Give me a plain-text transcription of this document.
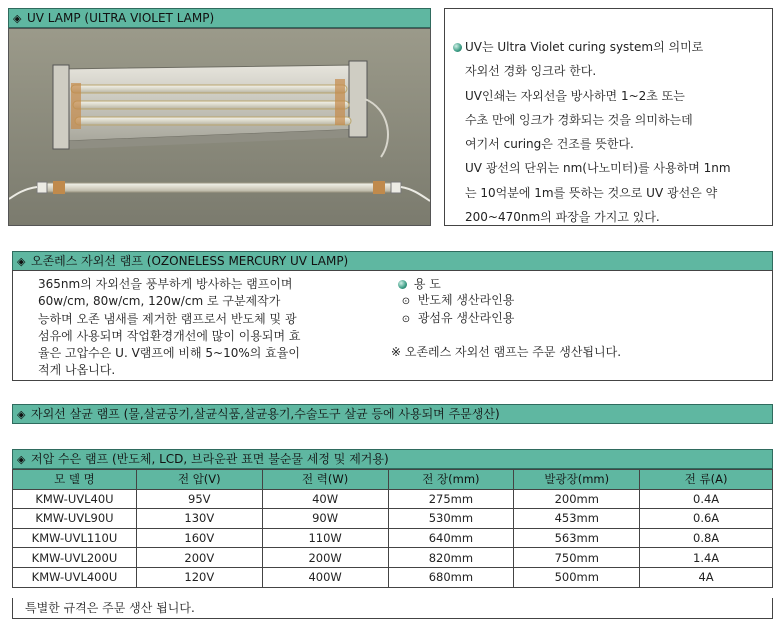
◈ UV LAMP (ULTRA VIOLET LAMP)
UV는 Ultra Violet curing system의 의미로
자외선 경화 잉크라 한다.
UV인쇄는 자외선을 방사하면 1~2초 또는
수초 만에 잉크가 경화되는 것을 의미하는데
여기서 curing은 건조를 뜻한다.
UV 광선의 단위는 nm(나노미터)를 사용하며 1nm
는 10억분에 1m를 뜻하는 것으로 UV 광선은 약
200~470nm의 파장을 가지고 있다.
◈ 오존레스 자외선 램프 (OZONELESS MERCURY UV LAMP)
365nm의 자외선을 풍부하게 방사하는 램프이며
60w/cm, 80w/cm, 120w/cm 로 구분제작가
능하며 오존 냄새를 제거한 램프로서 반도체 및 광
섬유에 사용되며 작업환경개선에 많이 이용되며 효
율은 고압수은 U. V램프에 비해 5~10%의 효율이
적게 나옵니다.
용 도
⊙ 반도체 생산라인용
⊙ 광섬유 생산라인용
※ 오존레스 자외선 램프는 주문 생산됩니다.
◈ 자외선 살균 램프 (물,살균공기,살균식품,살균용기,수술도구 살균 등에 사용되며 주문생산)
◈ 저압 수은 램프 (반도체, LCD, 브라운관 표면 불순물 세정 및 제거용)
모 델 명	전 압(V)	전 력(W)	전 장(mm)	발광장(mm)	전 류(A)
KMW-UVL40U	95V	40W	275mm	200mm	0.4A
KMW-UVL90U	130V	90W	530mm	453mm	0.6A
KMW-UVL110U	160V	110W	640mm	563mm	0.8A
KMW-UVL200U	200V	200W	820mm	750mm	1.4A
KMW-UVL400U	120V	400W	680mm	500mm	4A
특별한 규격은 주문 생산 됩니다.
